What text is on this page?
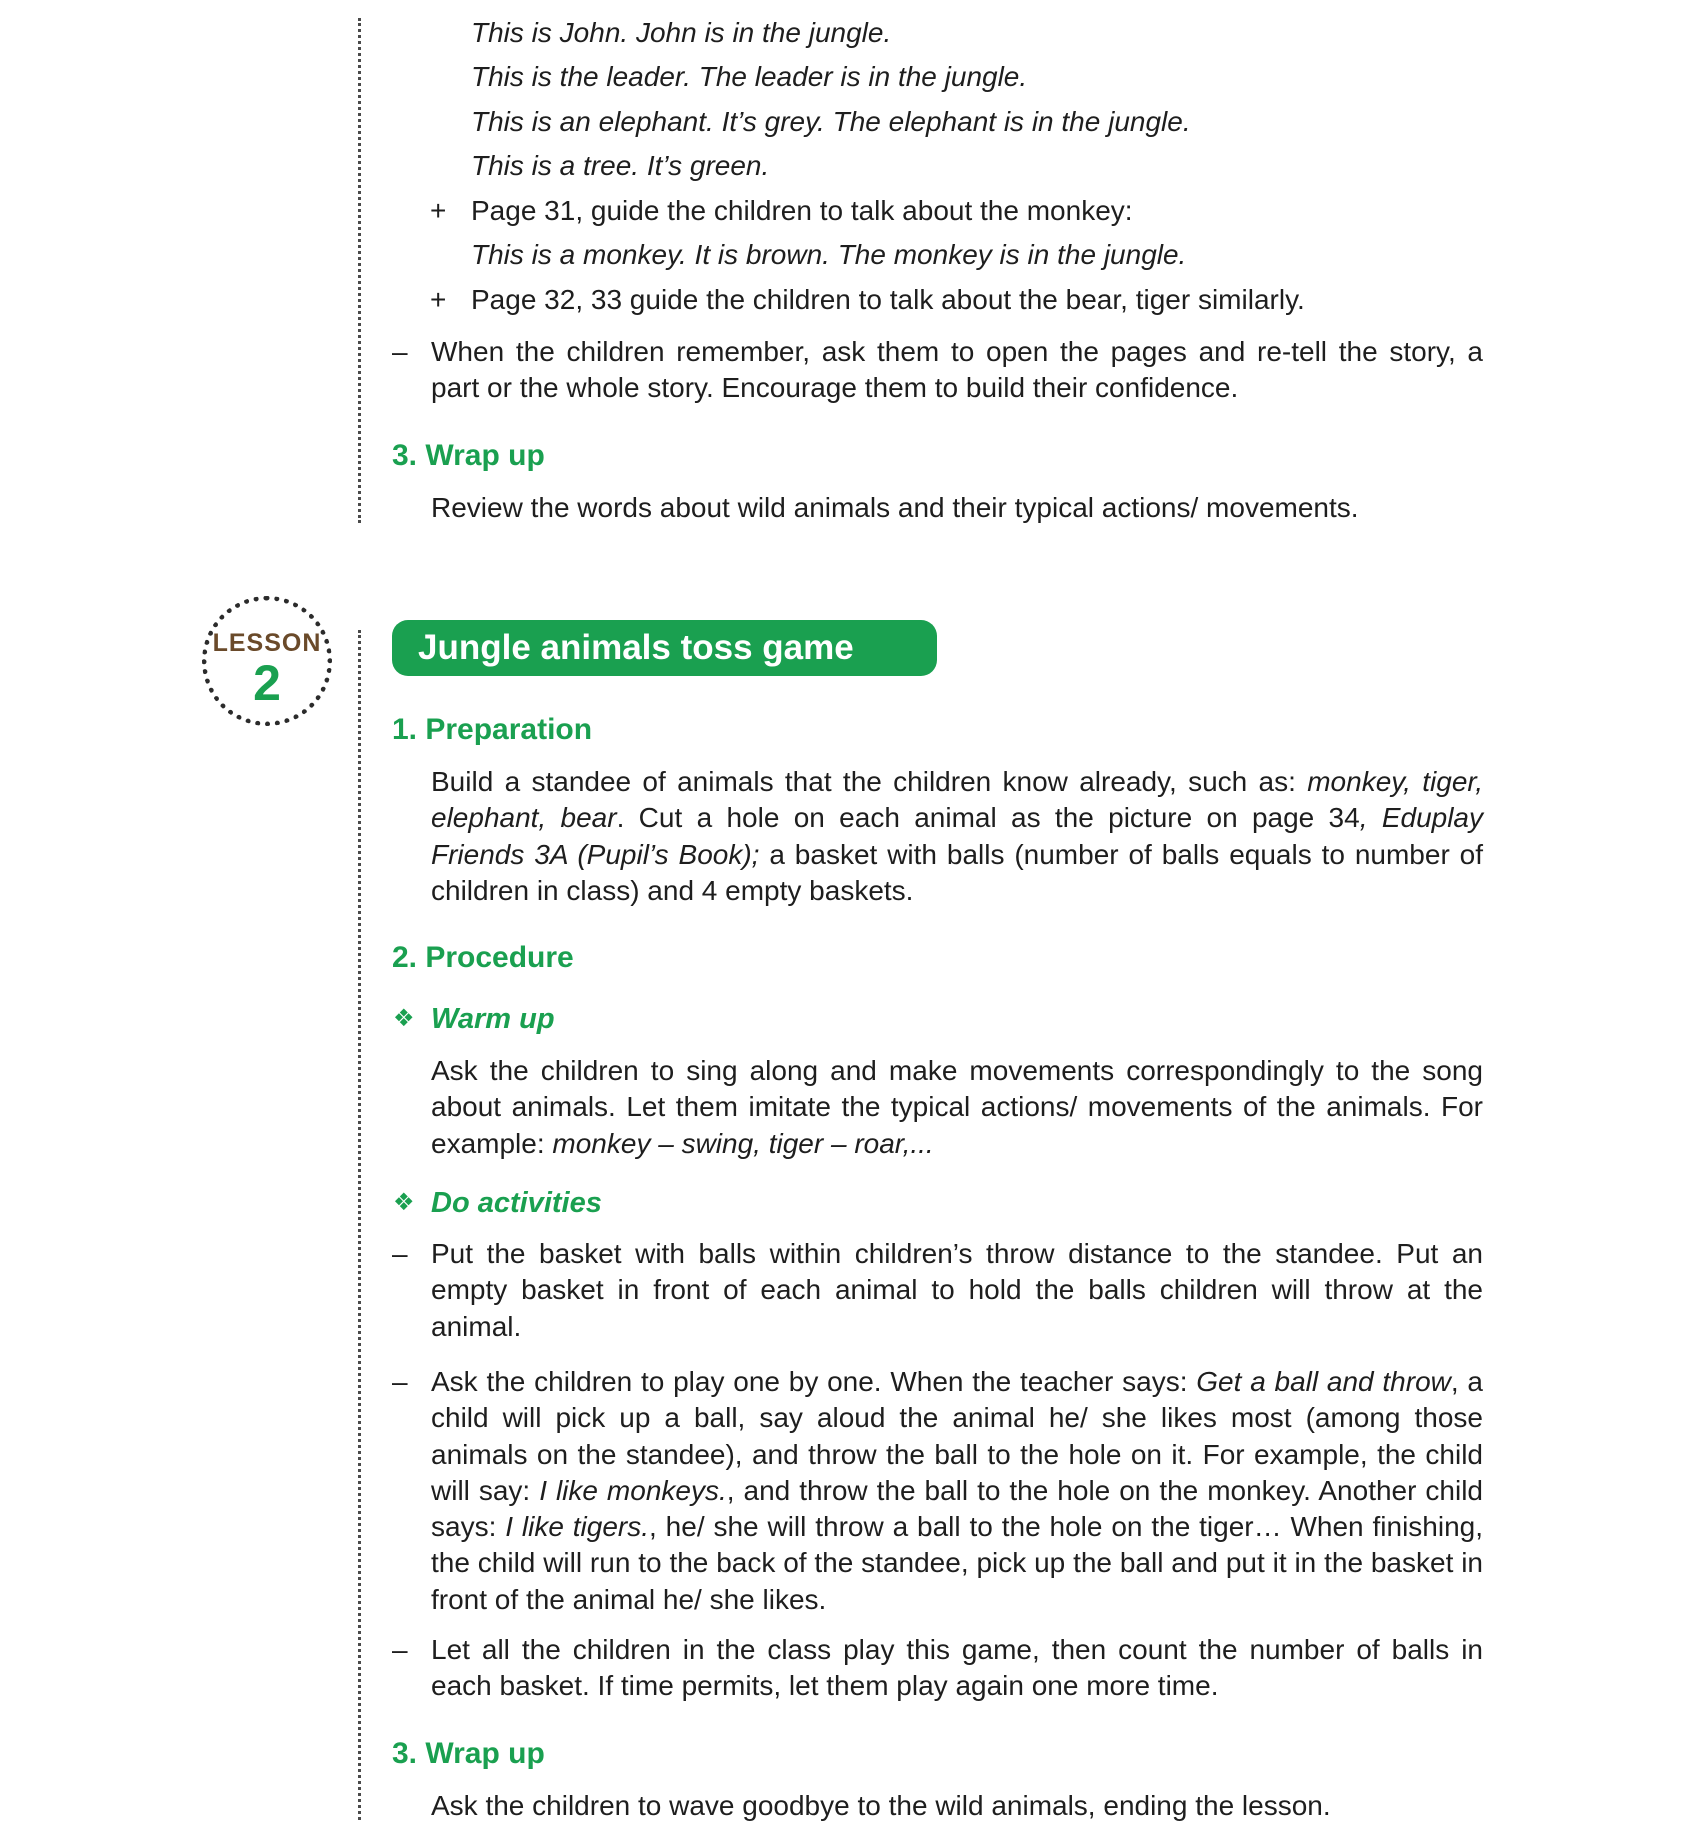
This is John. John is in the jungle.
This is the leader. The leader is in the jungle.
This is an elephant. It’s grey. The elephant is in the jungle.
This is a tree. It’s green.
+ Page 31, guide the children to talk about the monkey:
This is a monkey. It is brown. The monkey is in the jungle.
+ Page 32, 33 guide the children to talk about the bear, tiger similarly.
– When the children remember, ask them to open the pages and re-tell the story, a part or the whole story. Encourage them to build their confidence.
3. Wrap up
Review the words about wild animals and their typical actions/ movements.
LESSON
2
Jungle animals toss game
1. Preparation
Build a standee of animals that the children know already, such as: monkey, tiger, elephant, bear. Cut a hole on each animal as the picture on page 34, Eduplay Friends 3A (Pupil’s Book); a basket with balls (number of balls equals to number of children in class) and 4 empty baskets.
2. Procedure
❖ Warm up
Ask the children to sing along and make movements correspondingly to the song about animals. Let them imitate the typical actions/ movements of the animals. For example: monkey – swing, tiger – roar,...
❖ Do activities
– Put the basket with balls within children’s throw distance to the standee. Put an empty basket in front of each animal to hold the balls children will throw at the animal.
– Ask the children to play one by one. When the teacher says: Get a ball and throw, a child will pick up a ball, say aloud the animal he/ she likes most (among those animals on the standee), and throw the ball to the hole on it. For example, the child will say: I like monkeys., and throw the ball to the hole on the monkey. Another child says: I like tigers., he/ she will throw a ball to the hole on the tiger… When finishing, the child will run to the back of the standee, pick up the ball and put it in the basket in front of the animal he/ she likes.
– Let all the children in the class play this game, then count the number of balls in each basket. If time permits, let them play again one more time.
3. Wrap up
Ask the children to wave goodbye to the wild animals, ending the lesson.
